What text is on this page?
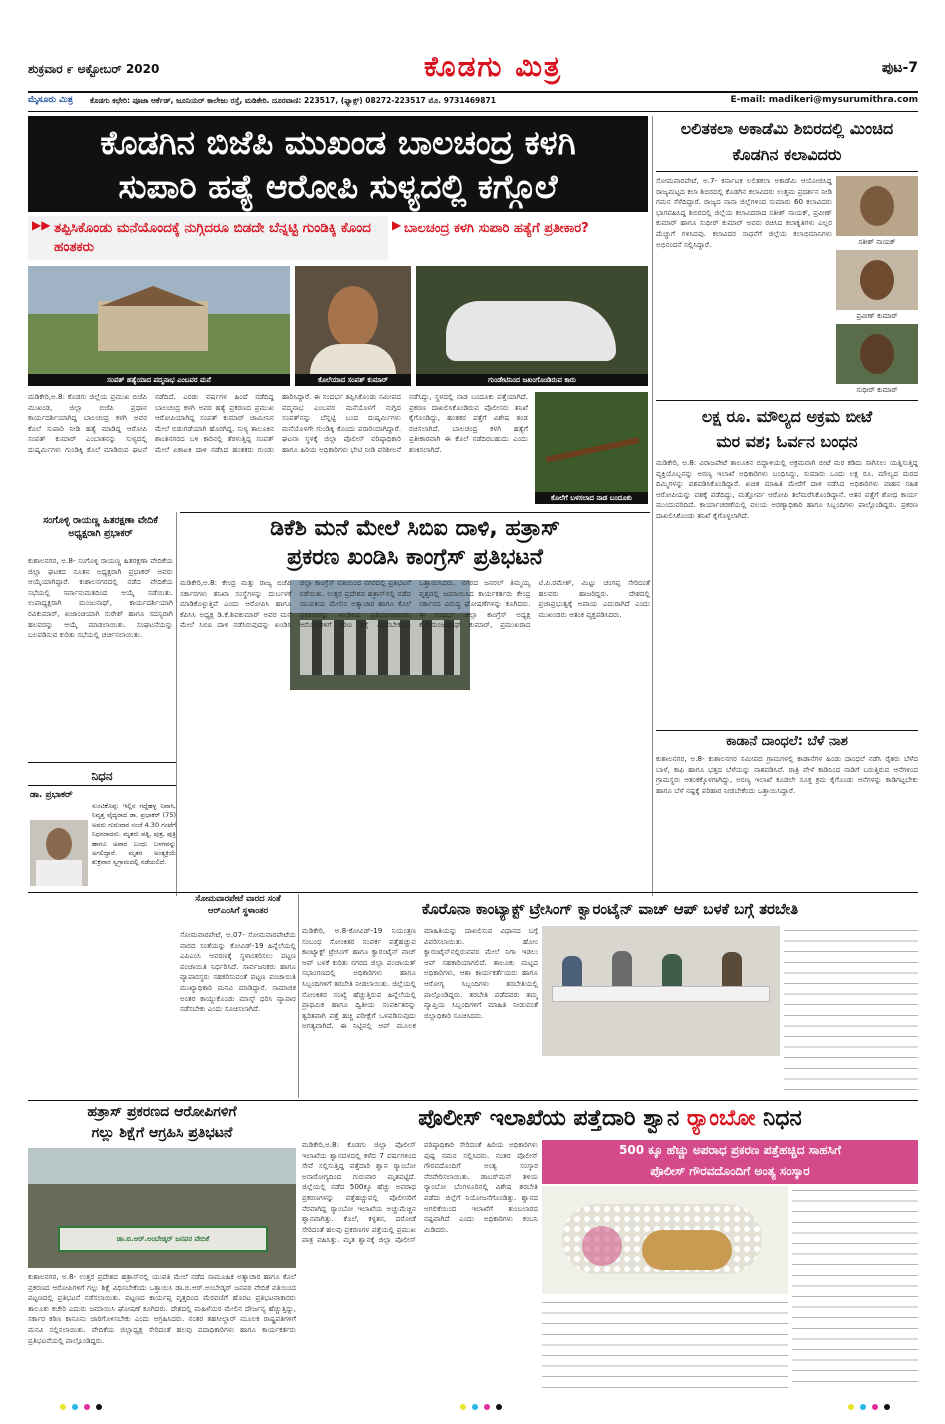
ಶುಕ್ರವಾರ ೯ ಅಕ್ಟೋಬರ್ 2020	ಕೊಡಗು ಮಿತ್ರ	ಪುಟ-7
ಮೈಸೂರು ಮಿತ್ರ ಕೊಡಗು ಕಛೇರಿ: ಪೂಜಾ ಆರ್ಕೆಡ್, ಜೂನಿಯರ್ ಕಾಲೇಜು ರಸ್ತೆ, ಮಡಿಕೇರಿ. ದೂರವಾಣಿ: 223517, (ಫ್ಯಾಕ್ಸ್) 08272-223517 ಮೊ. 9731469871	E-mail: madikeri@mysurumithra.com
ಕೊಡಗಿನ ಬಿಜೆಪಿ ಮುಖಂಡ ಬಾಲಚಂದ್ರ ಕಳಗಿ
ಸುಪಾರಿ ಹತ್ಯೆ ಆರೋಪಿ ಸುಳ್ಯದಲ್ಲಿ ಕಗ್ಗೊಲೆ
▶▶ ತಪ್ಪಿಸಿಕೊಂಡು ಮನೆಯೊಂದಕ್ಕೆ ನುಗ್ಗಿದರೂ ಬಿಡದೇ ಬೆನ್ನಟ್ಟಿ ಗುಂಡಿಕ್ಕಿ ಕೊಂದ ಹಂತಕರು
▶ ಬಾಲಚಂದ್ರ ಕಳಗಿ ಸುಪಾರಿ ಹತ್ಯೆಗೆ ಪ್ರತೀಕಾರ?
ಸಂಪತ್ ಹತ್ಯೆಯಾದ ಪದ್ಮನಾಭ ಎಂಬವರ ಮನೆ	ಕೊಲೆಯಾದ ಸಂಪತ್ ಕುಮಾರ್	ಗುಂಡೇಟಿನಿಂದ ಜಖಂಗೊಂಡಿರುವ ಕಾರು
ಕೊಲೆಗೆ ಬಳಸಲಾದ ನಾಡ ಬಂದೂಕು
ಮಡಿಕೇರಿ,ಅ.8: ಕೊಡಗು ಜಿಲ್ಲೆಯ ಪ್ರಮುಖ ಬಿಜೆಪಿ ಮುಖಂಡ, ಜಿಲ್ಲಾ ಬಿಜೆಪಿ ಪ್ರಧಾನ ಕಾರ್ಯದರ್ಶಿಯಾಗಿದ್ದ ಬಾಲಚಂದ್ರ ಕಳಗಿ ಅವರ ಕೊಲೆ ಸುಪಾರಿ ನೀಡಿ ಹತ್ಯೆ ಮಾಡಿದ್ದ ಆರೋಪಿ ಸಂಪತ್ ಕುಮಾರ್ ಎಂಬಾತನನ್ನು ಸುಳ್ಯದಲ್ಲಿ ದುಷ್ಕರ್ಮಿಗಳು ಗುಂಡಿಕ್ಕಿ ಕೊಲೆ ಮಾಡಿರುವ ಘಟನೆ ನಡೆದಿದೆ. ಎರಡು ವರ್ಷಗಳ ಹಿಂದೆ ನಡೆದಿದ್ದ ಬಾಲಚಂದ್ರ ಕಳಗಿ ಅವರ ಹತ್ಯೆ ಪ್ರಕರಣದ ಪ್ರಮುಖ ಆರೋಪಿಯಾಗಿದ್ದ ಸಂಪತ್ ಕುಮಾರ್ ಜಾಮೀನಿನ ಮೇಲೆ ಬಿಡುಗಡೆಯಾಗಿ ಹೊರಗಿದ್ದ. ಸುಳ್ಯ ತಾಲೂಕಿನ ಶಾಂತಿನಗರದ ಬಳಿ ಕಾರಿನಲ್ಲಿ ತೆರಳುತ್ತಿದ್ದ ಸಂಪತ್ ಮೇಲೆ ಏಕಾಏಕಿ ದಾಳಿ ನಡೆಸಿದ ಹಂತಕರು ಗುಂಡು ಹಾರಿಸಿದ್ದಾರೆ. ಈ ಸಂದರ್ಭ ತಪ್ಪಿಸಿಕೊಂಡು ಸಮೀಪದ ಪದ್ಮನಾಭ ಎಂಬವರ ಮನೆಯೊಳಗೆ ನುಗ್ಗಿದ ಸಂಪತ್‌ನನ್ನು ಬೆನ್ನಟ್ಟಿ ಬಂದ ದುಷ್ಕರ್ಮಿಗಳು ಮನೆಯೊಳಗೇ ಗುಂಡಿಕ್ಕಿ ಕೊಂದು ಪರಾರಿಯಾಗಿದ್ದಾರೆ. ಘಟನಾ ಸ್ಥಳಕ್ಕೆ ಜಿಲ್ಲಾ ಪೊಲೀಸ್ ವರಿಷ್ಠಾಧಿಕಾರಿ ಹಾಗೂ ಹಿರಿಯ ಅಧಿಕಾರಿಗಳು ಭೇಟಿ ನೀಡಿ ಪರಿಶೀಲನೆ ನಡೆಸಿದ್ದು, ಸ್ಥಳದಲ್ಲಿ ನಾಡ ಬಂದೂಕು ಪತ್ತೆಯಾಗಿದೆ. ಪ್ರಕರಣ ದಾಖಲಿಸಿಕೊಂಡಿರುವ ಪೊಲೀಸರು ತನಿಖೆ ಕೈಗೊಂಡಿದ್ದು, ಹಂತಕರ ಪತ್ತೆಗೆ ವಿಶೇಷ ತಂಡ ರಚಿಸಲಾಗಿದೆ. ಬಾಲಚಂದ್ರ ಕಳಗಿ ಹತ್ಯೆಗೆ ಪ್ರತೀಕಾರವಾಗಿ ಈ ಕೊಲೆ ನಡೆದಿರಬಹುದು ಎಂದು ಶಂಕಿಸಲಾಗಿದೆ.
ಲಲಿತಕಲಾ ಅಕಾಡೆಮಿ ಶಿಬಿರದಲ್ಲಿ ಮಿಂಚಿದ ಕೊಡಗಿನ ಕಲಾವಿದರು
ಸೋಮವಾರಪೇಟೆ, ಅ.7- ಕರ್ನಾಟಕ ಲಲಿತಕಲಾ ಅಕಾಡೆಮಿ ಆಯೋಜಿಸಿದ್ದ ರಾಜ್ಯಮಟ್ಟದ ಕಲಾ ಶಿಬಿರದಲ್ಲಿ ಕೊಡಗಿನ ಕಲಾವಿದರು ಉತ್ತಮ ಪ್ರದರ್ಶನ ನೀಡಿ ಗಮನ ಸೆಳೆದಿದ್ದಾರೆ. ರಾಜ್ಯದ ನಾನಾ ಜಿಲ್ಲೆಗಳಿಂದ ಸುಮಾರು 60 ಕಲಾವಿದರು ಭಾಗವಹಿಸಿದ್ದ ಶಿಬಿರದಲ್ಲಿ ಜಿಲ್ಲೆಯ ಕಲಾವಿದರಾದ ಸತೀಶ್ ನಾಯಕ್, ಪ್ರವೀಣ್ ಕುಮಾರ್ ಹಾಗೂ ಸುಧೀರ್ ಕುಮಾರ್ ಅವರು ರಚಿಸಿದ ಕಲಾಕೃತಿಗಳು ಎಲ್ಲರ ಮೆಚ್ಚುಗೆ ಗಳಿಸಿದವು. ಕಲಾವಿದರ ಸಾಧನೆಗೆ ಜಿಲ್ಲೆಯ ಕಲಾಭಿಮಾನಿಗಳು ಅಭಿನಂದನೆ ಸಲ್ಲಿಸಿದ್ದಾರೆ.	ಸತೀಶ್ ನಾಯಕ್
ಪ್ರವೀಣ್ ಕುಮಾರ್
ಸುಧೀರ್ ಕುಮಾರ್
ಲಕ್ಷ ರೂ. ಮೌಲ್ಯದ ಅಕ್ರಮ ಬೀಟೆ
ಮರ ವಶ; ಓರ್ವನ ಬಂಧನ
ಮಡಿಕೇರಿ, ಅ.8: ವಿರಾಜಪೇಟೆ ತಾಲೂಕಿನ ಬಿದ್ದಾಳಿಯಲ್ಲಿ ಅಕ್ರಮವಾಗಿ ಬೀಟೆ ಮರ ಕಡಿದು ಸಾಗಿಸಲು ಯತ್ನಿಸುತ್ತಿದ್ದ ವ್ಯಕ್ತಿಯೊಬ್ಬನನ್ನು ಅರಣ್ಯ ಇಲಾಖೆ ಅಧಿಕಾರಿಗಳು ಬಂಧಿಸಿದ್ದು, ಸುಮಾರು ಒಂದು ಲಕ್ಷ ರೂ. ಮೌಲ್ಯದ ಮರದ ದಿಮ್ಮಿಗಳನ್ನು ವಶಪಡಿಸಿಕೊಂಡಿದ್ದಾರೆ. ಖಚಿತ ಮಾಹಿತಿ ಮೇರೆಗೆ ದಾಳಿ ನಡೆಸಿದ ಅಧಿಕಾರಿಗಳು ವಾಹನ ಸಹಿತ ಆರೋಪಿಯನ್ನು ವಶಕ್ಕೆ ಪಡೆದಿದ್ದು, ಮತ್ತೋರ್ವ ಆರೋಪಿ ತಲೆಮರೆಸಿಕೊಂಡಿದ್ದಾನೆ. ಆತನ ಪತ್ತೆಗೆ ಶೋಧ ಕಾರ್ಯ ಮುಂದುವರಿದಿದೆ. ಕಾರ್ಯಾಚರಣೆಯಲ್ಲಿ ವಲಯ ಅರಣ್ಯಾಧಿಕಾರಿ ಹಾಗೂ ಸಿಬ್ಬಂದಿಗಳು ಪಾಲ್ಗೊಂಡಿದ್ದರು. ಪ್ರಕರಣ ದಾಖಲಿಸಿಕೊಂಡು ತನಿಖೆ ಕೈಗೊಳ್ಳಲಾಗಿದೆ.
ಕಾಡಾನೆ ದಾಂಧಲೆ: ಬೆಳೆ ನಾಶ
ಕುಶಾಲನಗರ, ಅ.8- ಕುಶಾಲನಗರ ಸಮೀಪದ ಗ್ರಾಮಗಳಲ್ಲಿ ಕಾಡಾನೆಗಳ ಹಿಂಡು ದಾಂಧಲೆ ನಡೆಸಿ ರೈತರು ಬೆಳೆದ ಬಾಳೆ, ಕಾಫಿ ಹಾಗೂ ಭತ್ತದ ಬೆಳೆಯನ್ನು ನಾಶಪಡಿಸಿವೆ. ರಾತ್ರಿ ವೇಳೆ ಕಾಡಿನಿಂದ ನಾಡಿಗೆ ಬರುತ್ತಿರುವ ಆನೆಗಳಿಂದ ಗ್ರಾಮಸ್ಥರು ಆತಂಕಕ್ಕೊಳಗಾಗಿದ್ದು, ಅರಣ್ಯ ಇಲಾಖೆ ಕೂಡಲೇ ಸೂಕ್ತ ಕ್ರಮ ಕೈಗೊಂಡು ಆನೆಗಳನ್ನು ಕಾಡಿಗಟ್ಟಬೇಕು ಹಾಗೂ ಬೆಳೆ ನಷ್ಟಕ್ಕೆ ಪರಿಹಾರ ನೀಡಬೇಕೆಂದು ಒತ್ತಾಯಿಸಿದ್ದಾರೆ.
ಡಿಕೆಶಿ ಮನೆ ಮೇಲೆ ಸಿಬಿಐ ದಾಳಿ, ಹತ್ರಾಸ್
ಪ್ರಕರಣ ಖಂಡಿಸಿ ಕಾಂಗ್ರೆಸ್ ಪ್ರತಿಭಟನೆ
ಮಡಿಕೇರಿ,ಅ.8: ಕೇಂದ್ರ ಮತ್ತು ರಾಜ್ಯ ಬಿಜೆಪಿ ಸರ್ಕಾರಗಳು ತನಿಖಾ ಸಂಸ್ಥೆಗಳನ್ನು ದುರ್ಬಳಕೆ ಮಾಡಿಕೊಳ್ಳುತ್ತಿವೆ ಎಂದು ಆರೋಪಿಸಿ ಹಾಗೂ ಕೆಪಿಸಿಸಿ ಅಧ್ಯಕ್ಷ ಡಿ.ಕೆ.ಶಿವಕುಮಾರ್ ಅವರ ಮನೆ ಮೇಲೆ ಸಿಬಿಐ ದಾಳಿ ನಡೆಸಿರುವುದನ್ನು ಖಂಡಿಸಿ ಜಿಲ್ಲಾ ಕಾಂಗ್ರೆಸ್ ವತಿಯಿಂದ ನಗರದಲ್ಲಿ ಪ್ರತಿಭಟನೆ ನಡೆಯಿತು. ಉತ್ತರ ಪ್ರದೇಶದ ಹತ್ರಾಸ್‌ನಲ್ಲಿ ನಡೆದ ಯುವತಿಯ ಮೇಲಿನ ಅತ್ಯಾಚಾರ ಹಾಗೂ ಕೊಲೆ ಪ್ರಕರಣವನ್ನು ಖಂಡಿಸಿದ ಪ್ರತಿಭಟನಾಕಾರರು ಆರೋಪಿಗಳಿಗೆ ಕಠಿಣ ಶಿಕ್ಷೆ ವಿಧಿಸಬೇಕೆಂದು ಒತ್ತಾಯಿಸಿದರು. ನಗರದ ಜನರಲ್ ತಿಮ್ಮಯ್ಯ ವೃತ್ತದಲ್ಲಿ ಜಮಾಯಿಸಿದ ಕಾರ್ಯಕರ್ತರು ಕೇಂದ್ರ ಸರ್ಕಾರದ ವಿರುದ್ಧ ಘೋಷಣೆಗಳನ್ನು ಕೂಗಿದರು. ಈ ಸಂದರ್ಭ ಜಿಲ್ಲಾ ಕಾಂಗ್ರೆಸ್ ಅಧ್ಯಕ್ಷ ಕೆ.ಕೆ.ಮಂಜುನಾಥ್ ಕುಮಾರ್, ಪ್ರಮುಖರಾದ ಟಿ.ಪಿ.ರಮೇಶ್, ಮಿಟ್ಟು ಚಂಗಪ್ಪ ಸೇರಿದಂತೆ ಹಲವರು ಹಾಜರಿದ್ದರು. ದೇಶದಲ್ಲಿ ಪ್ರಜಾಪ್ರಭುತ್ವಕ್ಕೆ ಅಪಾಯ ಎದುರಾಗಿದೆ ಎಂದು ಮುಖಂಡರು ಆತಂಕ ವ್ಯಕ್ತಪಡಿಸಿದರು.
ಸಂಗೊಳ್ಳಿ ರಾಯಣ್ಣ ಹಿತರಕ್ಷಣಾ ವೇದಿಕೆ ಅಧ್ಯಕ್ಷರಾಗಿ ಪ್ರಭಾಕರ್
ಕುಶಾಲನಗರ, ಅ.8- ಸಂಗೊಳ್ಳಿ ರಾಯಣ್ಣ ಹಿತರಕ್ಷಣಾ ವೇದಿಕೆಯ ಜಿಲ್ಲಾ ಘಟಕದ ನೂತನ ಅಧ್ಯಕ್ಷರಾಗಿ ಪ್ರಭಾಕರ್ ಅವರು ಆಯ್ಕೆಯಾಗಿದ್ದಾರೆ. ಕುಶಾಲನಗರದಲ್ಲಿ ನಡೆದ ವೇದಿಕೆಯ ಸಭೆಯಲ್ಲಿ ಸರ್ವಾನುಮತದಿಂದ ಆಯ್ಕೆ ನಡೆಯಿತು. ಉಪಾಧ್ಯಕ್ಷರಾಗಿ ಮಂಜುನಾಥ್, ಕಾರ್ಯದರ್ಶಿಯಾಗಿ ರವಿಕುಮಾರ್, ಖಜಾಂಚಿಯಾಗಿ ಸುರೇಶ್ ಹಾಗೂ ಸದಸ್ಯರಾಗಿ ಹಲವರನ್ನು ಆಯ್ಕೆ ಮಾಡಲಾಯಿತು. ಸಂಘಟನೆಯನ್ನು ಬಲಪಡಿಸುವ ಕುರಿತು ಸಭೆಯಲ್ಲಿ ಚರ್ಚಿಸಲಾಯಿತು.
ನಿಧನ
ಡಾ. ಪ್ರಭಾಕರ್
ಸುಂಟಿಕೊಪ್ಪ: ಇಲ್ಲಿನ ಗದ್ದೆಹಳ್ಳ ನಿವಾಸಿ, ನಿವೃತ್ತ ವೈದ್ಯರಾದ ಡಾ. ಪ್ರಭಾಕರ್ (75) ಅವರು ಗುರುವಾರ ಸಂಜೆ 4.30 ಗಂಟೆಗೆ ನಿಧನರಾದರು. ಮೃತರು ಪತ್ನಿ, ಪುತ್ರ, ಪುತ್ರಿ ಹಾಗೂ ಅಪಾರ ಬಂಧು ಬಳಗವನ್ನು ಅಗಲಿದ್ದಾರೆ. ಮೃತರ ಅಂತ್ಯಕ್ರಿಯೆ ಶುಕ್ರವಾರ ಸ್ವಗ್ರಾಮದಲ್ಲಿ ನಡೆಯಲಿದೆ.
ಸೋಮವಾರಪೇಟೆ ವಾರದ ಸಂತೆ ಆರ್‌ಎಂಸಿಗೆ ಸ್ಥಳಾಂತರ
ಸೋಮವಾರಪೇಟೆ, ಅ.07- ಸೋಮವಾರಪೇಟೆಯ ವಾರದ ಸಂತೆಯನ್ನು ಕೋವಿಡ್-19 ಹಿನ್ನೆಲೆಯಲ್ಲಿ ಎಪಿಎಂಸಿ ಆವರಣಕ್ಕೆ ಸ್ಥಳಾಂತರಿಸಲು ಪಟ್ಟಣ ಪಂಚಾಯಿತಿ ನಿರ್ಧರಿಸಿದೆ. ಸಾರ್ವಜನಿಕರು ಹಾಗೂ ವ್ಯಾಪಾರಸ್ಥರು ಸಹಕರಿಸುವಂತೆ ಪಟ್ಟಣ ಪಂಚಾಯಿತಿ ಮುಖ್ಯಾಧಿಕಾರಿ ಮನವಿ ಮಾಡಿದ್ದಾರೆ. ಸಾಮಾಜಿಕ ಅಂತರ ಕಾಯ್ದುಕೊಂಡು ಮಾಸ್ಕ್ ಧರಿಸಿ ವ್ಯಾಪಾರ ನಡೆಸಬೇಕು ಎಂದು ಸೂಚಿಸಲಾಗಿದೆ.
ಕೊರೊನಾ ಕಾಂಟ್ಯಾಕ್ಟ್ ಟ್ರೇಸಿಂಗ್ ಕ್ವಾರಂಟೈನ್ ವಾಚ್ ಆಪ್ ಬಳಕೆ ಬಗ್ಗೆ ತರಬೇತಿ
ಮಡಿಕೇರಿ, ಅ.8-ಕೋವಿಡ್-19 ನಿಯಂತ್ರಣ ಸಂಬಂಧ ಸೋಂಕಿತರ ಸಂಪರ್ಕ ಪತ್ತೆಹಚ್ಚುವ ಕಾಂಟ್ಯಾಕ್ಟ್ ಟ್ರೇಸಿಂಗ್ ಹಾಗೂ ಕ್ವಾರಂಟೈನ್ ವಾಚ್ ಆಪ್ ಬಳಕೆ ಕುರಿತು ನಗರದ ಜಿಲ್ಲಾ ಪಂಚಾಯತ್ ಸಭಾಂಗಣದಲ್ಲಿ ಅಧಿಕಾರಿಗಳು ಹಾಗೂ ಸಿಬ್ಬಂದಿಗಳಿಗೆ ತರಬೇತಿ ನೀಡಲಾಯಿತು. ಜಿಲ್ಲೆಯಲ್ಲಿ ಸೋಂಕಿತರ ಸಂಖ್ಯೆ ಹೆಚ್ಚುತ್ತಿರುವ ಹಿನ್ನೆಲೆಯಲ್ಲಿ ಪ್ರಾಥಮಿಕ ಹಾಗೂ ದ್ವಿತೀಯ ಸಂಪರ್ಕಿತರನ್ನು ತ್ವರಿತವಾಗಿ ಪತ್ತೆ ಹಚ್ಚಿ ಪರೀಕ್ಷೆಗೆ ಒಳಪಡಿಸುವುದು ಅಗತ್ಯವಾಗಿದೆ. ಈ ನಿಟ್ಟಿನಲ್ಲಿ ಆಪ್ ಮೂಲಕ ಮಾಹಿತಿಯನ್ನು ದಾಖಲಿಸುವ ವಿಧಾನದ ಬಗ್ಗೆ ವಿವರಿಸಲಾಯಿತು. ಹೋಂ ಕ್ವಾರಂಟೈನ್‌ನಲ್ಲಿರುವವರ ಮೇಲೆ ನಿಗಾ ಇಡಲು ಆಪ್ ಸಹಕಾರಿಯಾಗಲಿದೆ. ತಾಲೂಕು ಮಟ್ಟದ ಅಧಿಕಾರಿಗಳು, ಆಶಾ ಕಾರ್ಯಕರ್ತೆಯರು ಹಾಗೂ ಆರೋಗ್ಯ ಸಿಬ್ಬಂದಿಗಳು ತರಬೇತಿಯಲ್ಲಿ ಪಾಲ್ಗೊಂಡಿದ್ದರು. ತರಬೇತಿ ಪಡೆದವರು ತಮ್ಮ ವ್ಯಾಪ್ತಿಯ ಸಿಬ್ಬಂದಿಗಳಿಗೆ ಮಾಹಿತಿ ನೀಡುವಂತೆ ಜಿಲ್ಲಾಧಿಕಾರಿ ಸೂಚಿಸಿದರು.
ಹತ್ರಾಸ್ ಪ್ರಕರಣದ ಆರೋಪಿಗಳಿಗೆ
ಗಲ್ಲು ಶಿಕ್ಷೆಗೆ ಆಗ್ರಹಿಸಿ ಪ್ರತಿಭಟನೆ
ಡಾ.ಬಿ.ಆರ್.ಅಂಬೇಡ್ಕರ್ ಜನಪರ ವೇದಿಕೆ
ಕುಶಾಲನಗರ, ಅ.8- ಉತ್ತರ ಪ್ರದೇಶದ ಹತ್ರಾಸ್‌ನಲ್ಲಿ ಯುವತಿ ಮೇಲೆ ನಡೆದ ಸಾಮೂಹಿಕ ಅತ್ಯಾಚಾರ ಹಾಗೂ ಕೊಲೆ ಪ್ರಕರಣದ ಆರೋಪಿಗಳಿಗೆ ಗಲ್ಲು ಶಿಕ್ಷೆ ವಿಧಿಸಬೇಕೆಂದು ಒತ್ತಾಯಿಸಿ ಡಾ.ಬಿ.ಆರ್.ಅಂಬೇಡ್ಕರ್ ಜನಪರ ವೇದಿಕೆ ವತಿಯಿಂದ ಪಟ್ಟಣದಲ್ಲಿ ಪ್ರತಿಭಟನೆ ನಡೆಸಲಾಯಿತು. ಪಟ್ಟಣದ ಕಾರ್ಯಪ್ಪ ವೃತ್ತದಿಂದ ಮೆರವಣಿಗೆ ಹೊರಟ ಪ್ರತಿಭಟನಾಕಾರರು ತಾಲೂಕು ಕಚೇರಿ ಎದುರು ಜಮಾಯಿಸಿ ಘೋಷಣೆ ಕೂಗಿದರು. ದೇಶದಲ್ಲಿ ಮಹಿಳೆಯರ ಮೇಲಿನ ದೌರ್ಜನ್ಯ ಹೆಚ್ಚುತ್ತಿದ್ದು, ಸರ್ಕಾರ ಕಠಿಣ ಕಾನೂನು ಜಾರಿಗೊಳಿಸಬೇಕು ಎಂದು ಆಗ್ರಹಿಸಿದರು. ನಂತರ ತಹಸೀಲ್ದಾರ್ ಮೂಲಕ ರಾಷ್ಟ್ರಪತಿಗಳಿಗೆ ಮನವಿ ಸಲ್ಲಿಸಲಾಯಿತು. ವೇದಿಕೆಯ ಜಿಲ್ಲಾಧ್ಯಕ್ಷ ಸೇರಿದಂತೆ ಹಲವು ಪದಾಧಿಕಾರಿಗಳು ಹಾಗೂ ಕಾರ್ಯಕರ್ತರು ಪ್ರತಿಭಟನೆಯಲ್ಲಿ ಪಾಲ್ಗೊಂಡಿದ್ದರು.
ಪೊಲೀಸ್ ಇಲಾಖೆಯ ಪತ್ತೆದಾರಿ ಶ್ವಾನ ರ್‍ಯಾಂಬೋ ನಿಧನ
ಮಡಿಕೇರಿ,ಅ.8: ಕೊಡಗು ಜಿಲ್ಲಾ ಪೊಲೀಸ್ ಇಲಾಖೆಯ ಶ್ವಾನದಳದಲ್ಲಿ ಕಳೆದ 7 ವರ್ಷಗಳಿಂದ ಸೇವೆ ಸಲ್ಲಿಸುತ್ತಿದ್ದ ಪತ್ತೆದಾರಿ ಶ್ವಾನ ರ್‍ಯಾಂಬೋ ಅನಾರೋಗ್ಯದಿಂದ ಗುರುವಾರ ಮೃತಪಟ್ಟಿದೆ. ಜಿಲ್ಲೆಯಲ್ಲಿ ನಡೆದ 500ಕ್ಕೂ ಹೆಚ್ಚು ಅಪರಾಧ ಪ್ರಕರಣಗಳನ್ನು ಪತ್ತೆಹಚ್ಚುವಲ್ಲಿ ಪೊಲೀಸರಿಗೆ ನೆರವಾಗಿದ್ದ ರ್‍ಯಾಂಬೋ ಇಲಾಖೆಯ ಅಚ್ಚುಮೆಚ್ಚಿನ ಶ್ವಾನವಾಗಿತ್ತು. ಕೊಲೆ, ಕಳ್ಳತನ, ದರೋಡೆ ಸೇರಿದಂತೆ ಹಲವು ಪ್ರಕರಣಗಳ ಪತ್ತೆಯಲ್ಲಿ ಪ್ರಮುಖ ಪಾತ್ರ ವಹಿಸಿತ್ತು. ಮೃತ ಶ್ವಾನಕ್ಕೆ ಜಿಲ್ಲಾ ಪೊಲೀಸ್ ವರಿಷ್ಠಾಧಿಕಾರಿ ಸೇರಿದಂತೆ ಹಿರಿಯ ಅಧಿಕಾರಿಗಳು ಪುಷ್ಪ ನಮನ ಸಲ್ಲಿಸಿದರು. ನಂತರ ಪೊಲೀಸ್ ಗೌರವದೊಂದಿಗೆ ಅಂತ್ಯ ಸಂಸ್ಕಾರ ನೆರವೇರಿಸಲಾಯಿತು. ಡಾಬರ್‌ಮನ್ ತಳಿಯ ರ್‍ಯಾಂಬೋ ಬೆಂಗಳೂರಿನಲ್ಲಿ ವಿಶೇಷ ತರಬೇತಿ ಪಡೆದು ಜಿಲ್ಲೆಗೆ ನಿಯೋಜನೆಗೊಂಡಿತ್ತು. ಶ್ವಾನದ ಅಗಲಿಕೆಯಿಂದ ಇಲಾಖೆಗೆ ತುಂಬಲಾರದ ನಷ್ಟವಾಗಿದೆ ಎಂದು ಅಧಿಕಾರಿಗಳು ಕಂಬನಿ ಮಿಡಿದರು.
500 ಕ್ಕೂ ಹೆಚ್ಚು ಅಪರಾಧ ಪ್ರಕರಣ ಪತ್ತೆಹಚ್ಚಿದ ಸಾಹಸಿಗೆ
ಪೊಲೀಸ್ ಗೌರವದೊಂದಿಗೆ ಅಂತ್ಯ ಸಂಸ್ಕಾರ
